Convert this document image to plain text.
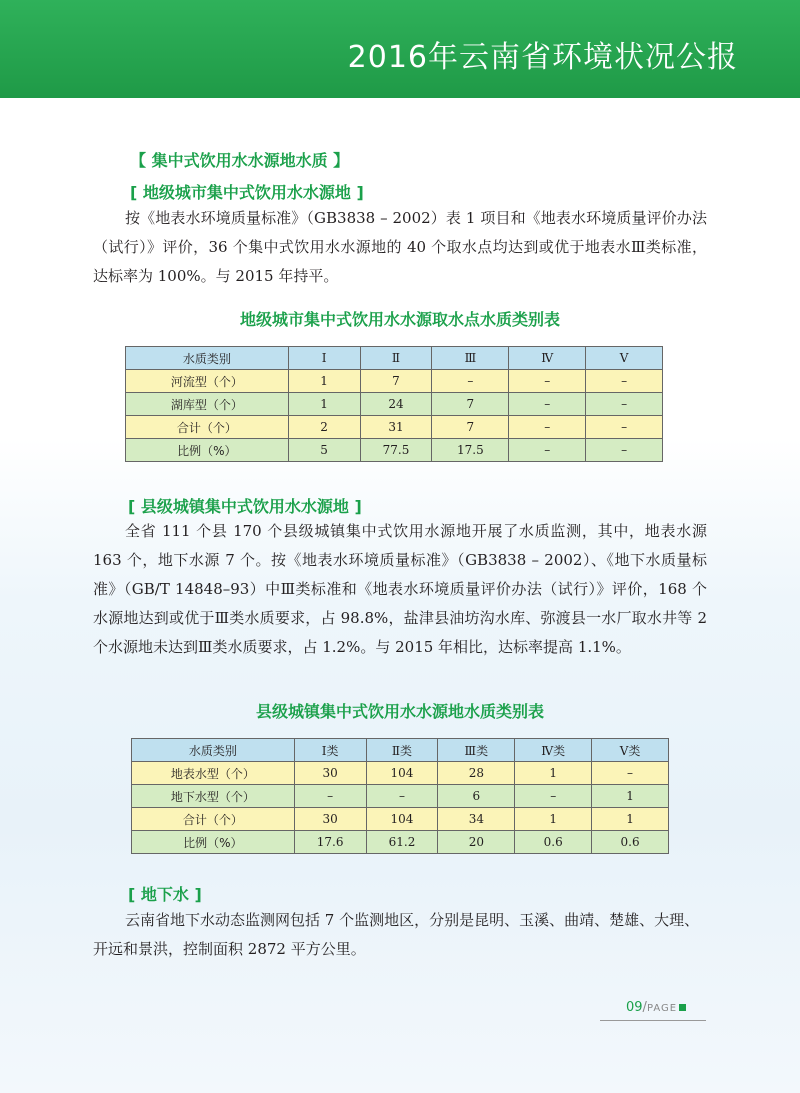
2016年云南省环境状况公报
【 集中式饮用水水源地水质 】
[ 地级城市集中式饮用水水源地 ]
按《地表水环境质量标准》（GB3838 – 2002）表 1 项目和《地表水环境质量评价办法（试行）》评价，36 个集中式饮用水水源地的 40 个取水点均达到或优于地表水Ⅲ类标准，达标率为 100%。与 2015 年持平。
地级城市集中式饮用水水源取水点水质类别表
水质类别	Ⅰ	Ⅱ	Ⅲ	Ⅳ	Ⅴ
河流型（个）	1	7	–	–	–
湖库型（个）	1	24	7	–	–
合计（个）	2	31	7	–	–
比例（%）	5	77.5	17.5	–	–
[ 县级城镇集中式饮用水水源地 ]
全省 111 个县 170 个县级城镇集中式饮用水源地开展了水质监测，其中，地表水源 163 个，地下水源 7 个。按《地表水环境质量标准》（GB3838 – 2002）、《地下水质量标准》（GB/T 14848–93）中Ⅲ类标准和《地表水环境质量评价办法（试行）》评价，168 个水源地达到或优于Ⅲ类水质要求，占 98.8%，盐津县油坊沟水库、弥渡县一水厂取水井等 2 个水源地未达到Ⅲ类水质要求，占 1.2%。与 2015 年相比，达标率提高 1.1%。
县级城镇集中式饮用水水源地水质类别表
水质类别	Ⅰ类	Ⅱ类	Ⅲ类	Ⅳ类	Ⅴ类
地表水型（个）	30	104	28	1	–
地下水型（个）	–	–	6	–	1
合计（个）	30	104	34	1	1
比例（%）	17.6	61.2	20	0.6	0.6
[ 地下水 ]
云南省地下水动态监测网包括 7 个监测地区，分别是昆明、玉溪、曲靖、楚雄、大理、开远和景洪，控制面积 2872 平方公里。
09/PAGE
